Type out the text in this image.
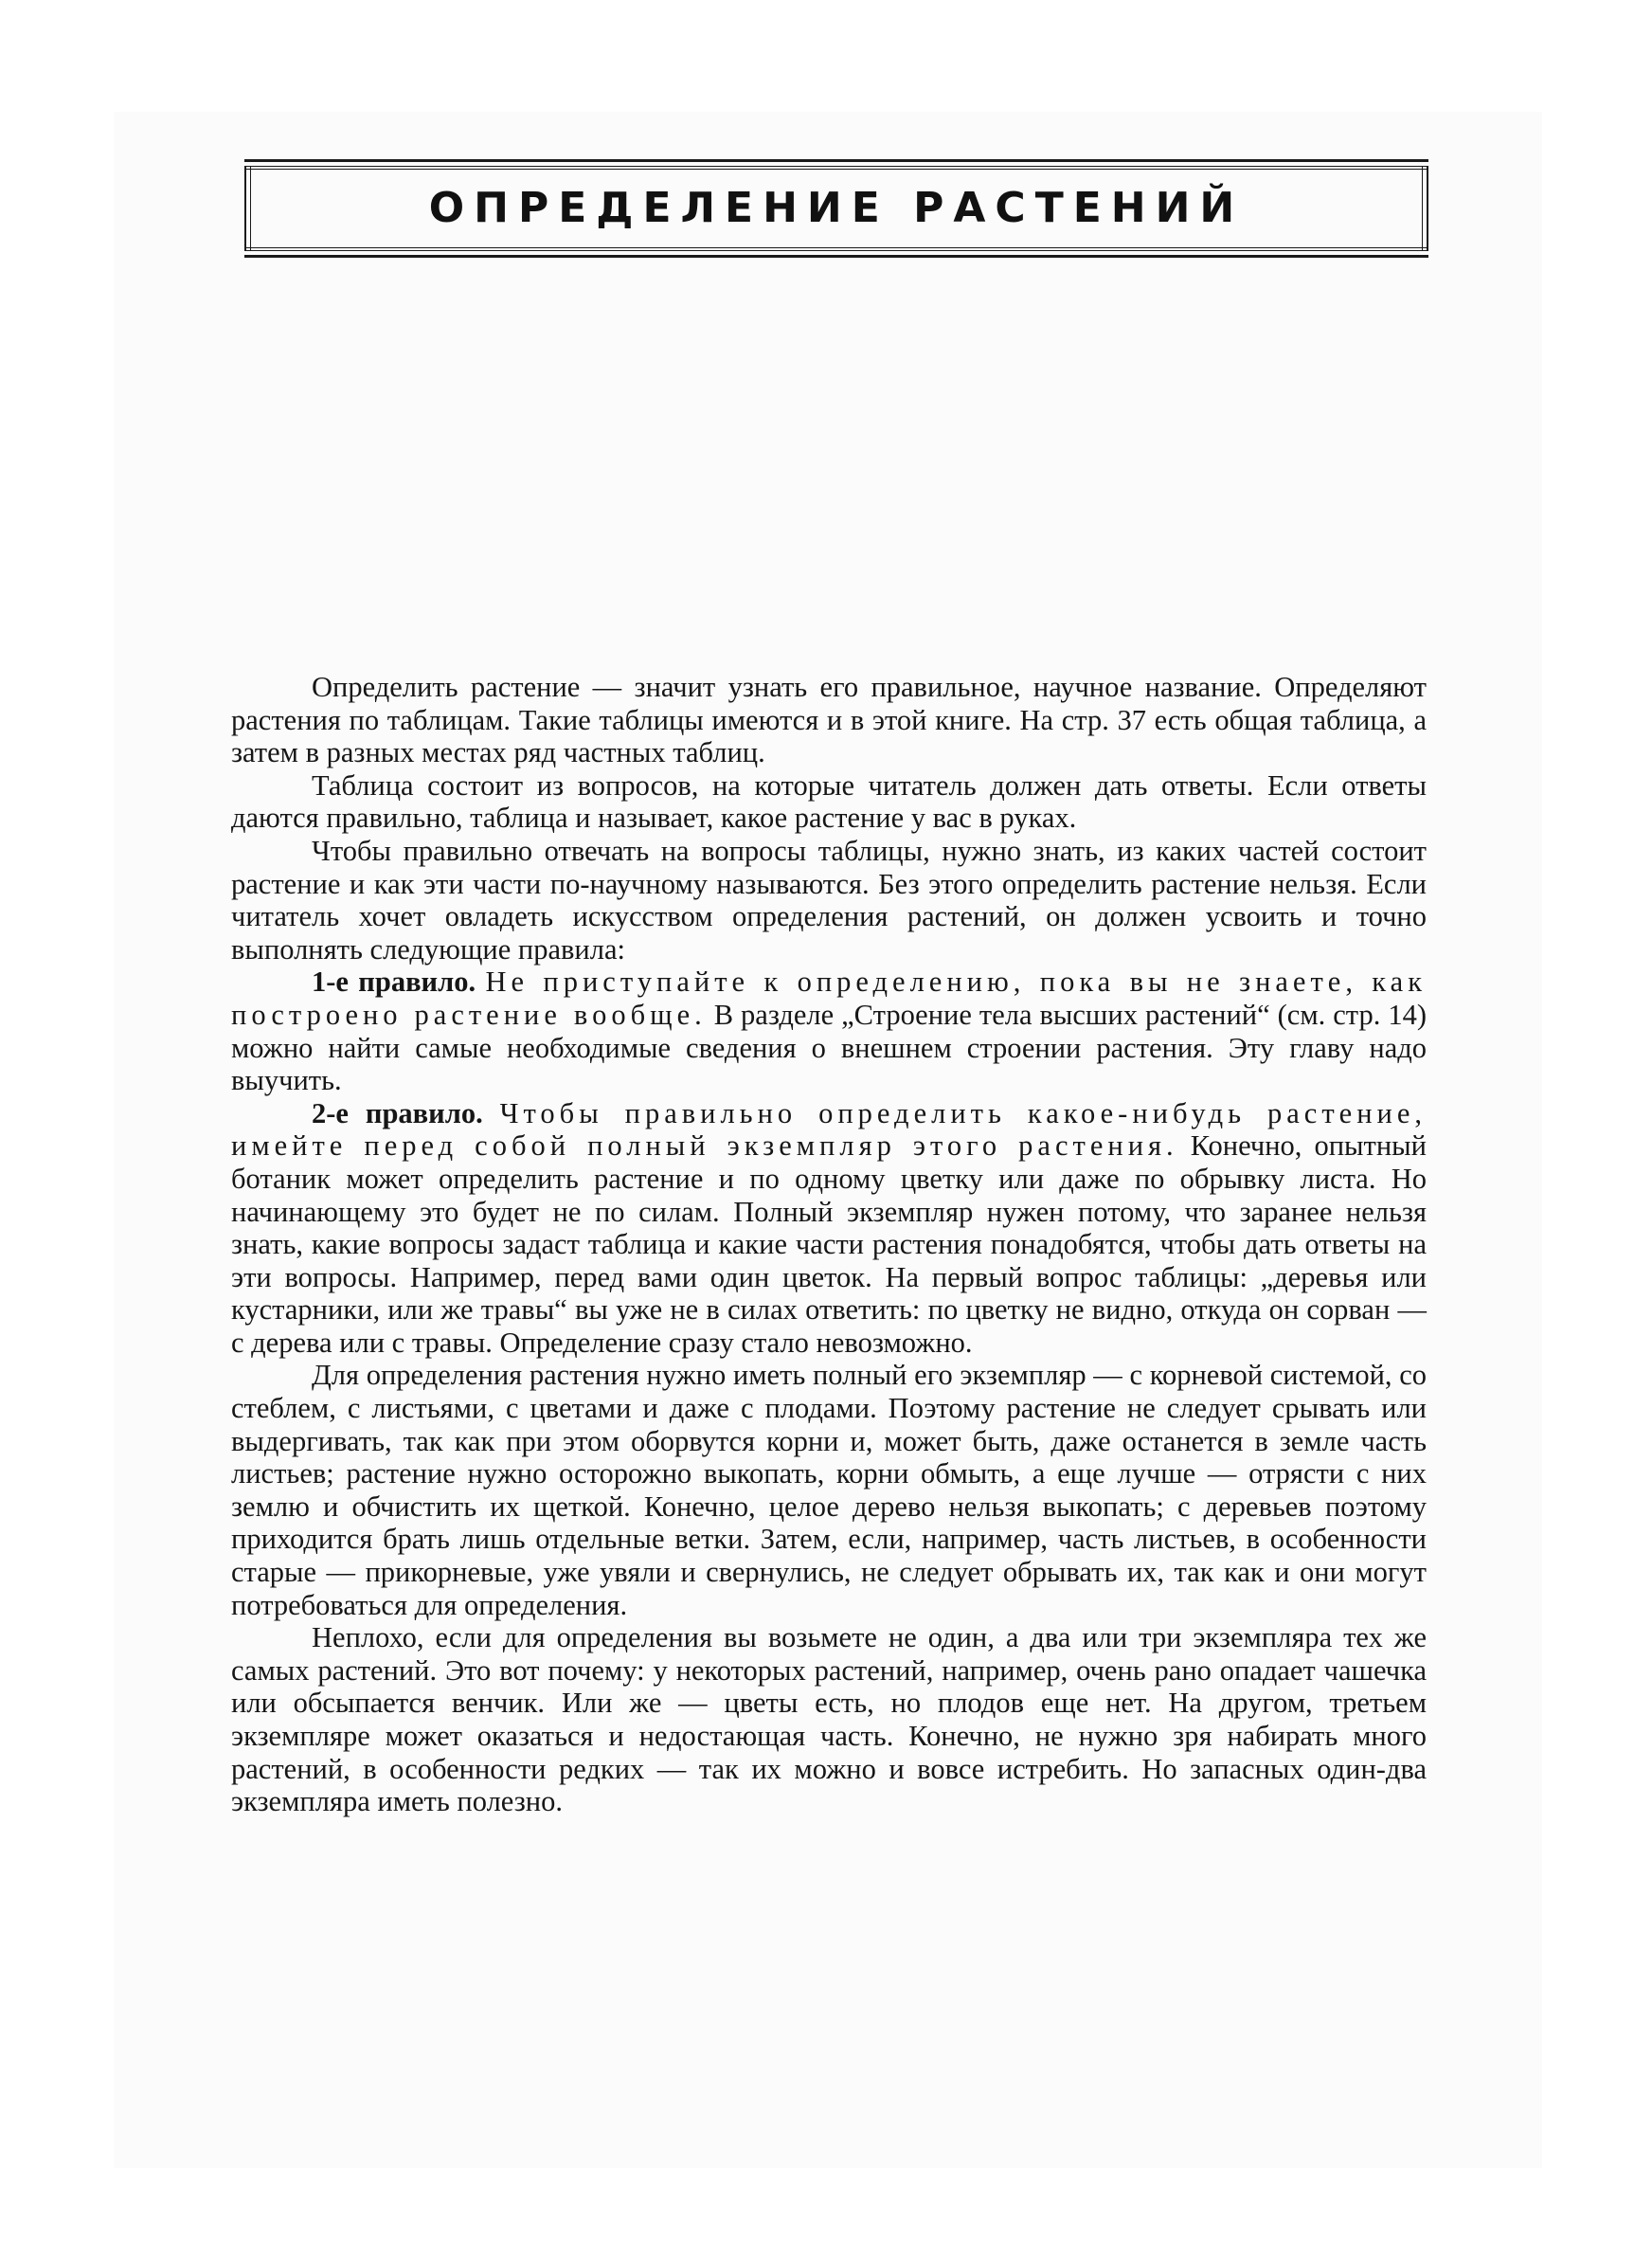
ОПРЕДЕЛЕНИЕ РАСТЕНИЙ

Определить растение — значит узнать его правильное, научное название. Определяют растения по таблицам. Такие таблицы имеются и в этой книге. На стр. 37 есть общая таблица, а затем в разных местах ряд частных таблиц.

Таблица состоит из вопросов, на которые читатель должен дать ответы. Если ответы даются правильно, таблица и называет, какое растение у вас в руках.

Чтобы правильно отвечать на вопросы таблицы, нужно знать, из каких частей состоит растение и как эти части по-научному называются. Без этого определить растение нельзя. Если читатель хочет овладеть искусством определения растений, он должен усвоить и точно выполнять следующие правила:

1-е правило. Не приступайте к определению, пока вы не знаете, как построено растение вообще. В разделе „Строение тела высших растений“ (см. стр. 14) можно найти самые необходимые сведения о внешнем строении растения. Эту главу надо выучить.

2-е правило. Чтобы правильно определить какое-нибудь растение, имейте перед собой полный экземпляр этого растения. Конечно, опытный ботаник может определить растение и по одному цветку или даже по обрывку листа. Но начинающему это будет не по силам. Полный экземпляр нужен потому, что заранее нельзя знать, какие вопросы задаст таблица и какие части растения понадобятся, чтобы дать ответы на эти вопросы. Например, перед вами один цветок. На первый вопрос таблицы: „деревья или кустарники, или же травы“ вы уже не в силах ответить: по цветку не видно, откуда он сорван — с дерева или с травы. Определение сразу стало невозможно.

Для определения растения нужно иметь полный его экземпляр — с корневой системой, со стеблем, с листьями, с цветами и даже с плодами. Поэтому растение не следует срывать или выдергивать, так как при этом оборвутся корни и, может быть, даже останется в земле часть листьев; растение нужно осторожно выкопать, корни обмыть, а еще лучше — отрясти с них землю и обчистить их щеткой. Конечно, целое дерево нельзя выкопать; с деревьев поэтому приходится брать лишь отдельные ветки. Затем, если, например, часть листьев, в особенности старые — прикорневые, уже увяли и свернулись, не следует обрывать их, так как и они могут потребоваться для определения.

Неплохо, если для определения вы возьмете не один, а два или три экземпляра тех же самых растений. Это вот почему: у некоторых растений, например, очень рано опадает чашечка или обсыпается венчик. Или же — цветы есть, но плодов еще нет. На другом, третьем экземпляре может оказаться и недостающая часть. Конечно, не нужно зря набирать много растений, в особенности редких — так их можно и вовсе истребить. Но запасных один-два экземпляра иметь полезно.
